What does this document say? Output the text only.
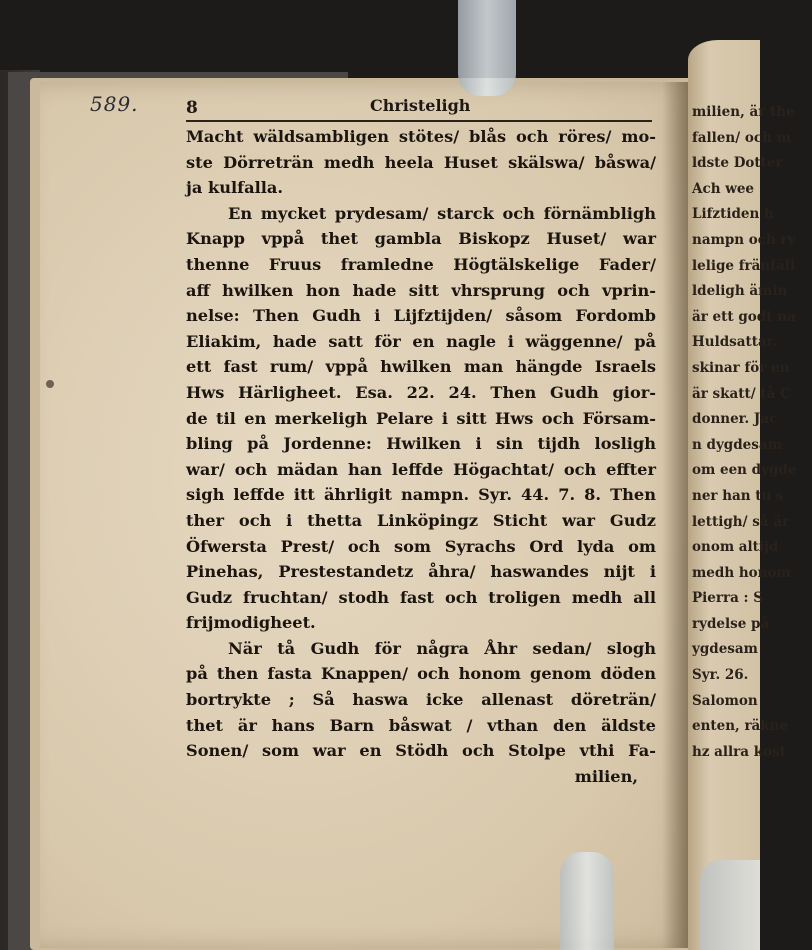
milien, är the
fallen/ och m
ldste Dotter
Ach wee
Lifztiden h
nampn och ry
lelige fränfäll
ldeligh ämin
är ett godt na
Huldsattar.
skinar för en
är skatt/ tå C
donner. Jac
n dygdesam
om een dygde
ner han tu s
lettigh/ så är
onom altijd
medh honom
Pierra : S
rydelse på
ygdesam
Syr. 26.
Salomon
enten, räkne
hz allra kost
589.	8	Christeligh
Macht wäldsambligen stötes/ blås och röres/ mo-
ste Dörreträn medh heela Huset skälswa/ båswa/
ja kulfalla.
En mycket prydesam/ starck och förnämbligh
Knapp vppå thet gambla Biskopz Huset/ war
thenne Fruus framledne Högtälskelige Fader/
aff hwilken hon hade sitt vhrsprung och vprin-
nelse: Then Gudh i Lijfztijden/ såsom Fordomb
Eliakim, hade satt för en nagle i wäggenne/ på
ett fast rum/ vppå hwilken man hängde Israels
Hws Härligheet. Esa. 22. 24. Then Gudh gior-
de til en merkeligh Pelare i sitt Hws och Försam-
bling på Jordenne: Hwilken i sin tijdh losligh
war/ och mädan han leffde Högachtat/ och effter
sigh leffde itt ährligit nampn. Syr. 44. 7. 8. Then
ther och i thetta Linköpingz Sticht war Gudz
Öfwersta Prest/ och som Syrachs Ord lyda om
Pinehas, Prestestandetz åhra/ haswandes nijt i
Gudz fruchtan/ stodh fast och troligen medh all
frijmodigheet.
När tå Gudh för några Åhr sedan/ slogh
på then fasta Knappen/ och honom genom döden
bortrykte ; Så haswa icke allenast döreträn/
thet är hans Barn båswat / vthan den äldste
Sonen/ som war en Stödh och Stolpe vthi Fa-
milien,
